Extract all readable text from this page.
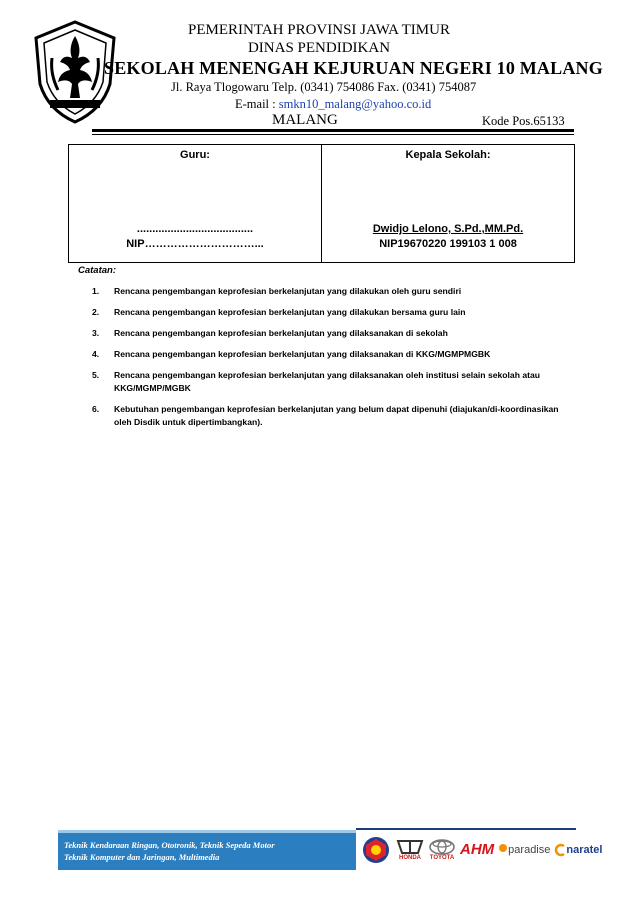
PEMERINTAH PROVINSI JAWA TIMUR
DINAS PENDIDIKAN
SEKOLAH MENENGAH KEJURUAN NEGERI 10 MALANG
Jl. Raya Tlogowaru Telp. (0341) 754086 Fax. (0341) 754087
E-mail : smkn10_malang@yahoo.co.id
MALANG	Kode Pos.65133
Guru:
......................................
NIP…………………………...
Kepala Sekolah:
Dwidjo Lelono, S.Pd.,MM.Pd.
NIP19670220 199103 1 008
Catatan:
1. Rencana pengembangan keprofesian berkelanjutan yang dilakukan oleh guru sendiri
2. Rencana pengembangan keprofesian berkelanjutan yang dilakukan bersama guru lain
3. Rencana pengembangan keprofesian berkelanjutan yang dilaksanakan di sekolah
4. Rencana pengembangan keprofesian berkelanjutan yang dilaksanakan di KKG/MGMPMGBK
5. Rencana pengembangan keprofesian berkelanjutan yang dilaksanakan oleh institusi selain sekolah atau KKG/MGMP/MGBK
6. Kebutuhan pengembangan keprofesian berkelanjutan yang belum dapat dipenuhi (diajukan/di-koordinasikan oleh Disdik untuk dipertimbangkan).
Teknik Kendaraan Ringan, Ototronik, Teknik Sepeda Motor
Teknik Komputer dan Jaringan, Multimedia	HONDA TOYOTA AHM paradise naratel
